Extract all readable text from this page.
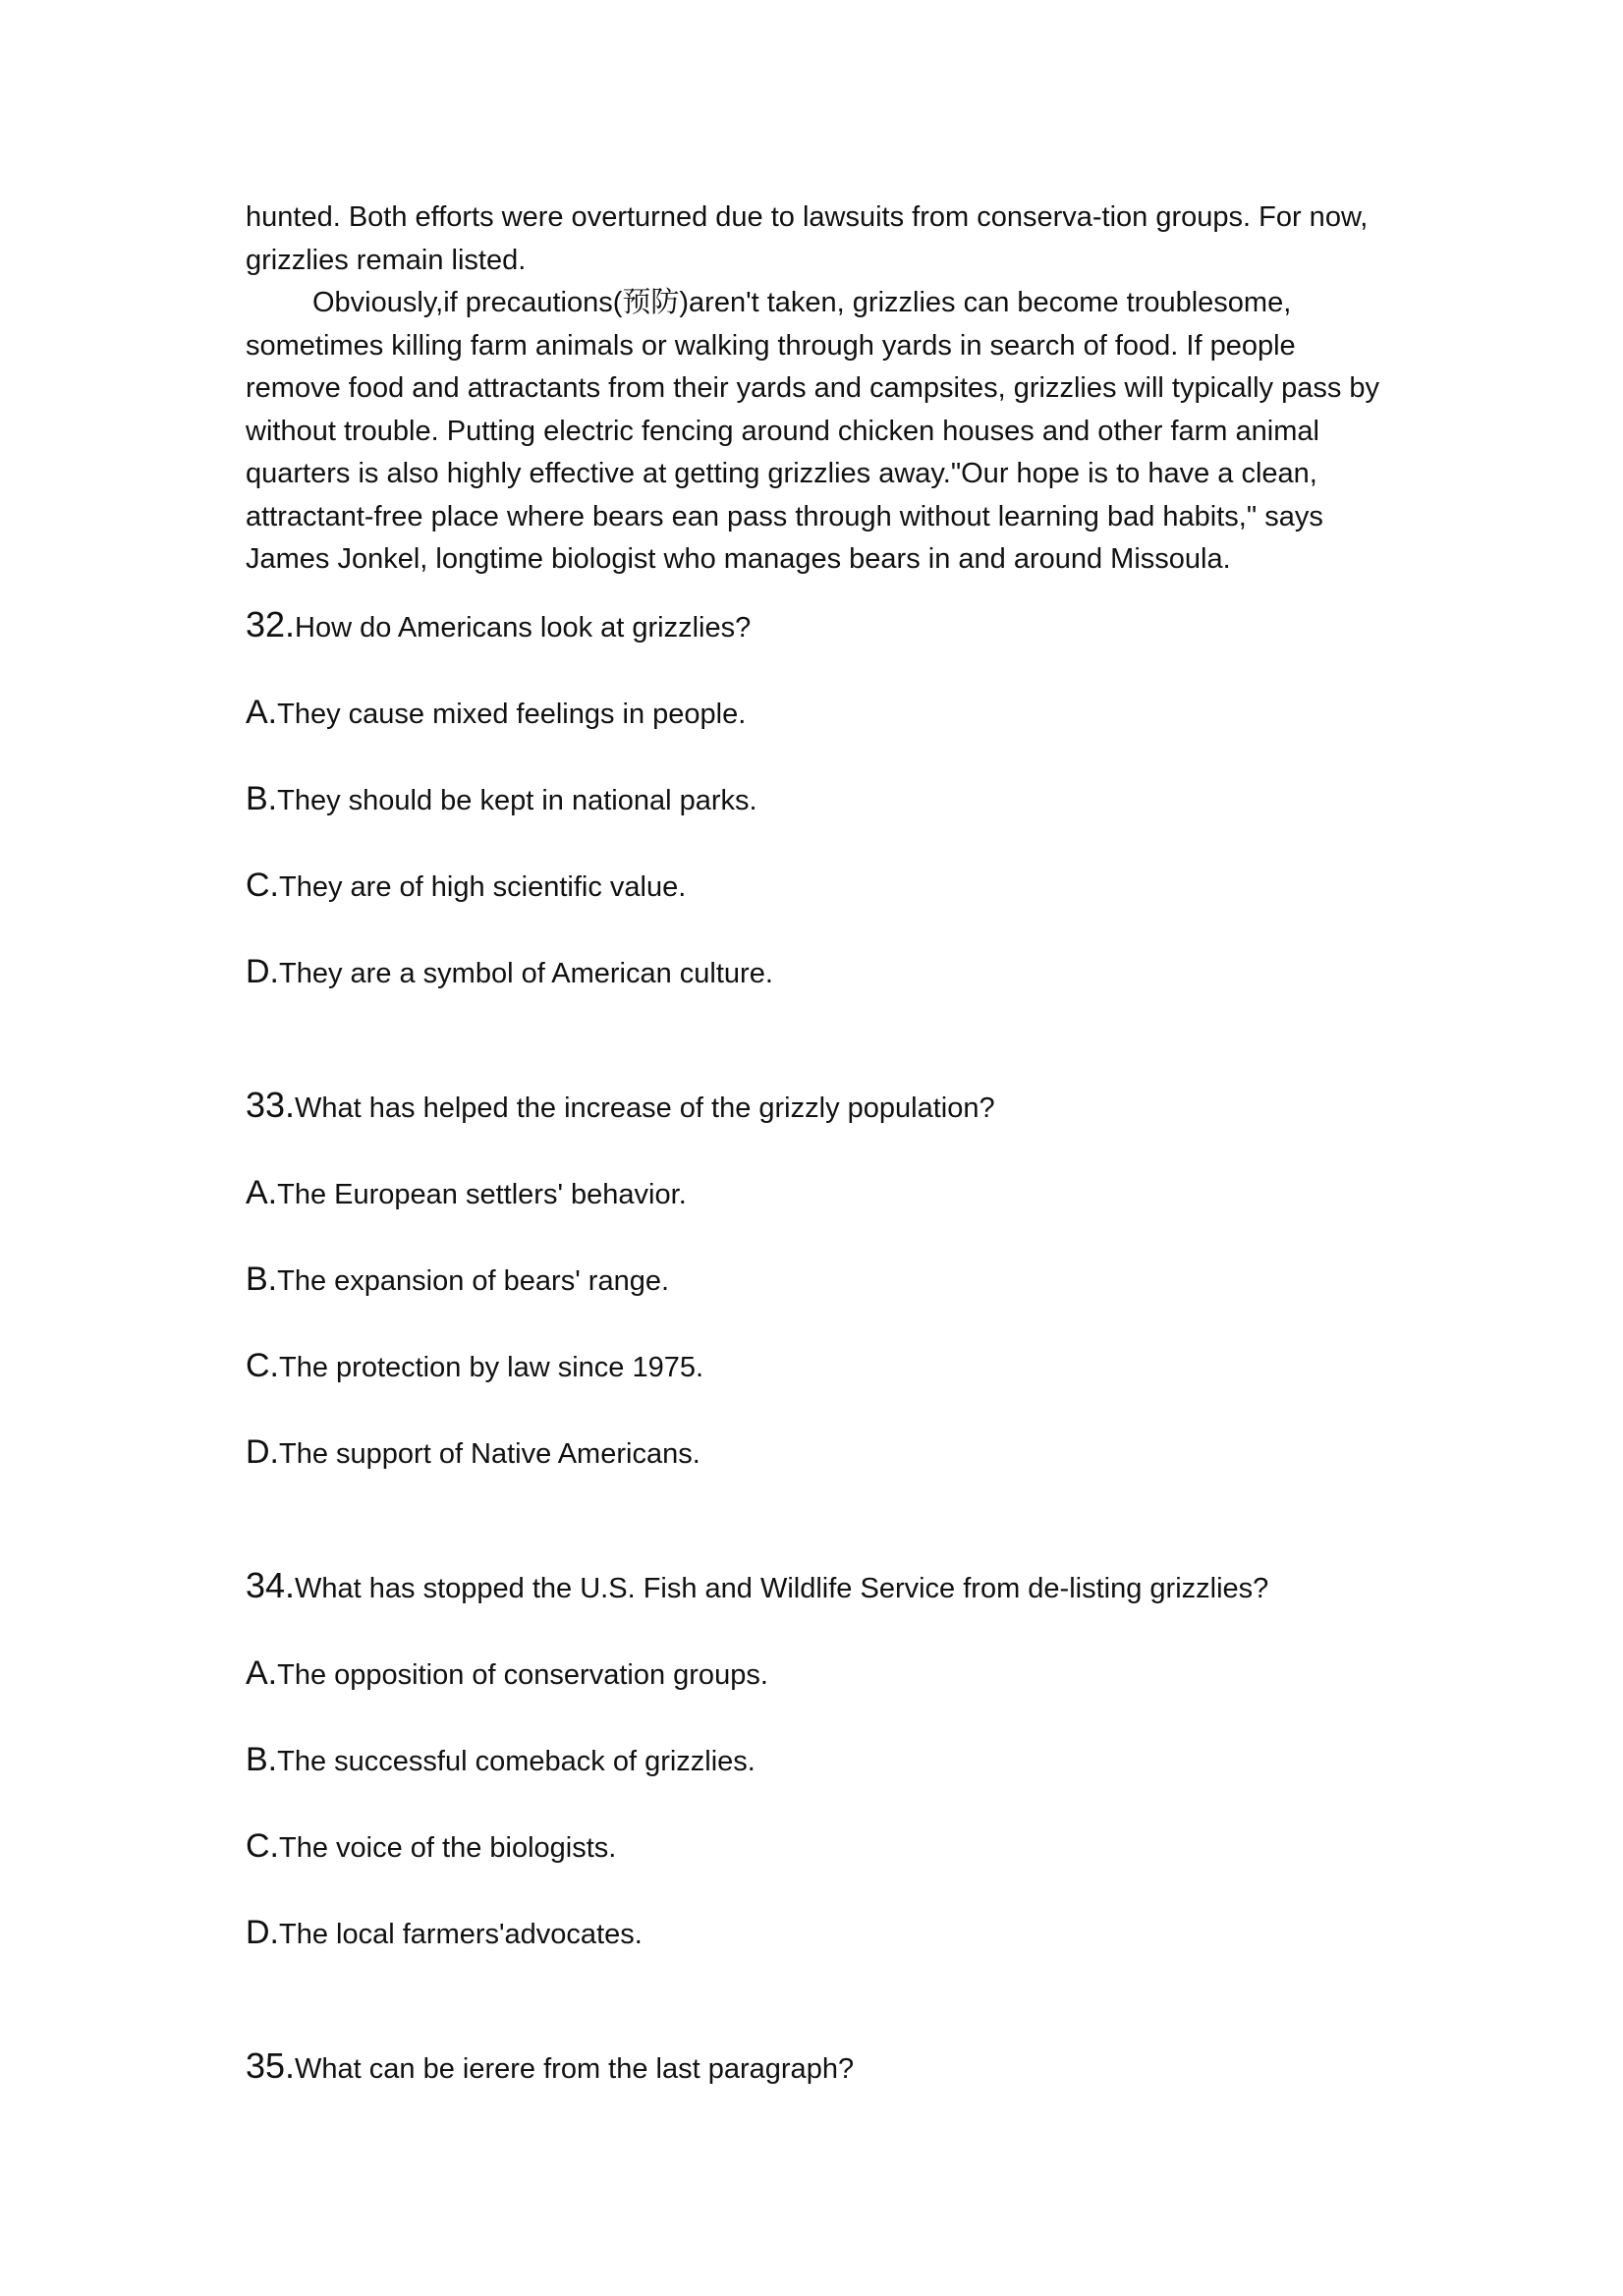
hunted. Both efforts were overturned due to lawsuits from conserva-tion groups. For now, grizzlies remain listed.

Obviously,if precautions(预防)aren't taken, grizzlies can become troublesome, sometimes killing farm animals or walking through yards in search of food. If people remove food and attractants from their yards and campsites, grizzlies will typically pass by without trouble. Putting electric fencing around chicken houses and other farm animal quarters is also highly effective at getting grizzlies away."Our hope is to have a clean, attractant-free place where bears ean pass through without learning bad habits," says James Jonkel, longtime biologist who manages bears in and around Missoula.

32.How do Americans look at grizzlies?

A.They cause mixed feelings in people.

B.They should be kept in national parks.

C.They are of high scientific value.

D.They are a symbol of American culture.

33.What has helped the increase of the grizzly population?

A.The European settlers' behavior.

B.The expansion of bears' range.

C.The protection by law since 1975.

D.The support of Native Americans.

34.What has stopped the U.S. Fish and Wildlife Service from de-listing grizzlies?

A.The opposition of conservation groups.

B.The successful comeback of grizzlies.

C.The voice of the biologists.

D.The local farmers'advocates.

35.What can be ierere from the last paragraph?
